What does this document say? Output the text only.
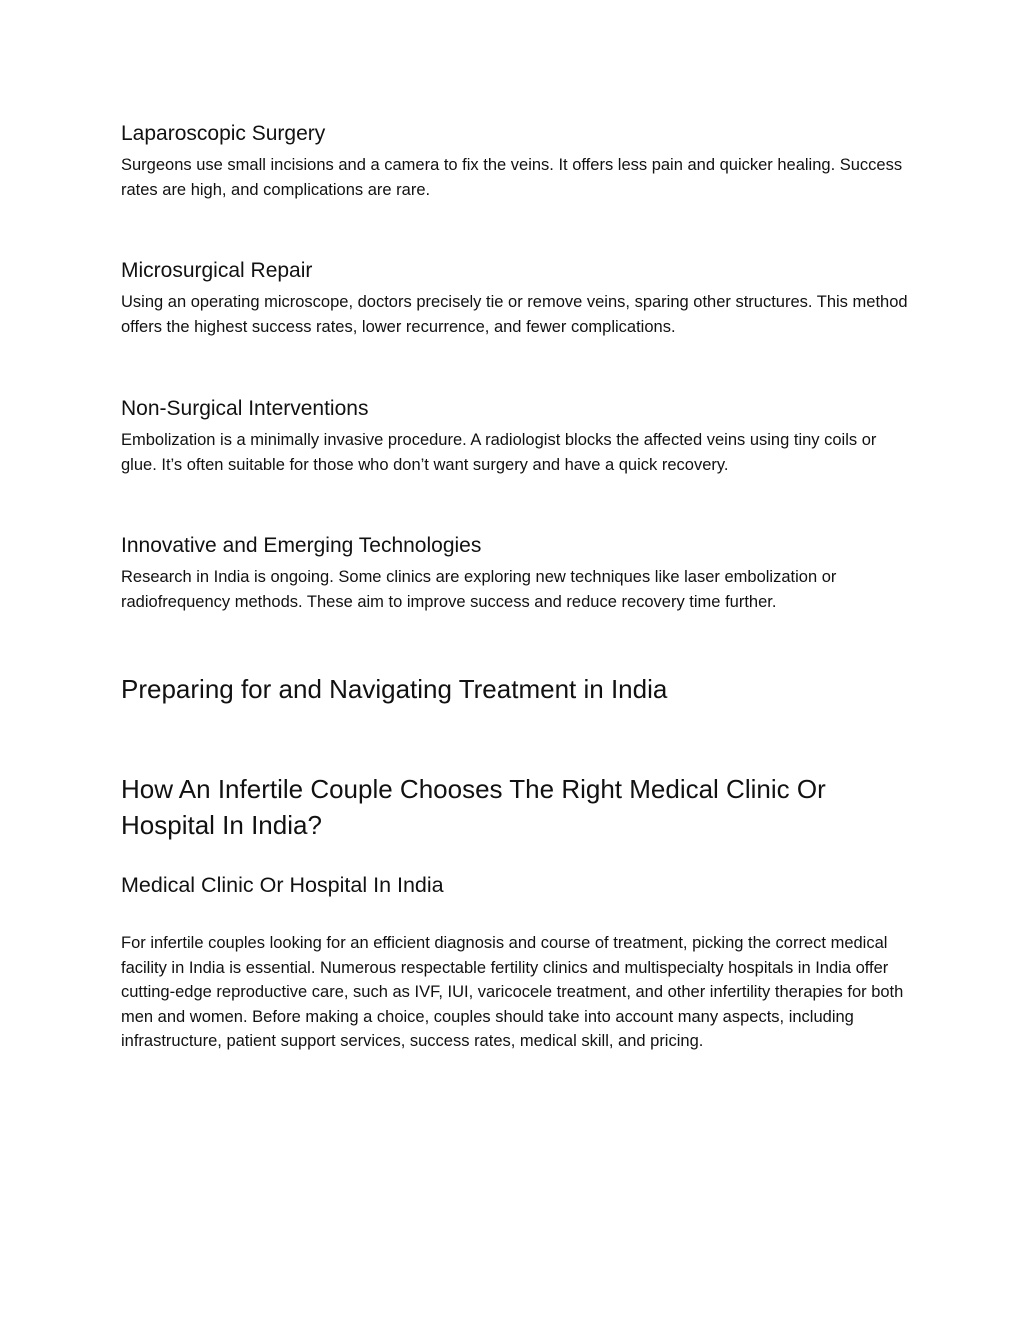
Laparoscopic Surgery

Surgeons use small incisions and a camera to fix the veins. It offers less pain and quicker healing. Success rates are high, and complications are rare.

Microsurgical Repair

Using an operating microscope, doctors precisely tie or remove veins, sparing other structures. This method offers the highest success rates, lower recurrence, and fewer complications.

Non-Surgical Interventions

Embolization is a minimally invasive procedure. A radiologist blocks the affected veins using tiny coils or glue. It’s often suitable for those who don’t want surgery and have a quick recovery.

Innovative and Emerging Technologies

Research in India is ongoing. Some clinics are exploring new techniques like laser embolization or radiofrequency methods. These aim to improve success and reduce recovery time further.

Preparing for and Navigating Treatment in India
How An Infertile Couple Chooses The Right Medical Clinic Or Hospital In India?
Medical Clinic Or Hospital In India

For infertile couples looking for an efficient diagnosis and course of treatment, picking the correct medical facility in India is essential. Numerous respectable fertility clinics and multispecialty hospitals in India offer cutting-edge reproductive care, such as IVF, IUI, varicocele treatment, and other infertility therapies for both men and women. Before making a choice, couples should take into account many aspects, including infrastructure, patient support services, success rates, medical skill, and pricing.
